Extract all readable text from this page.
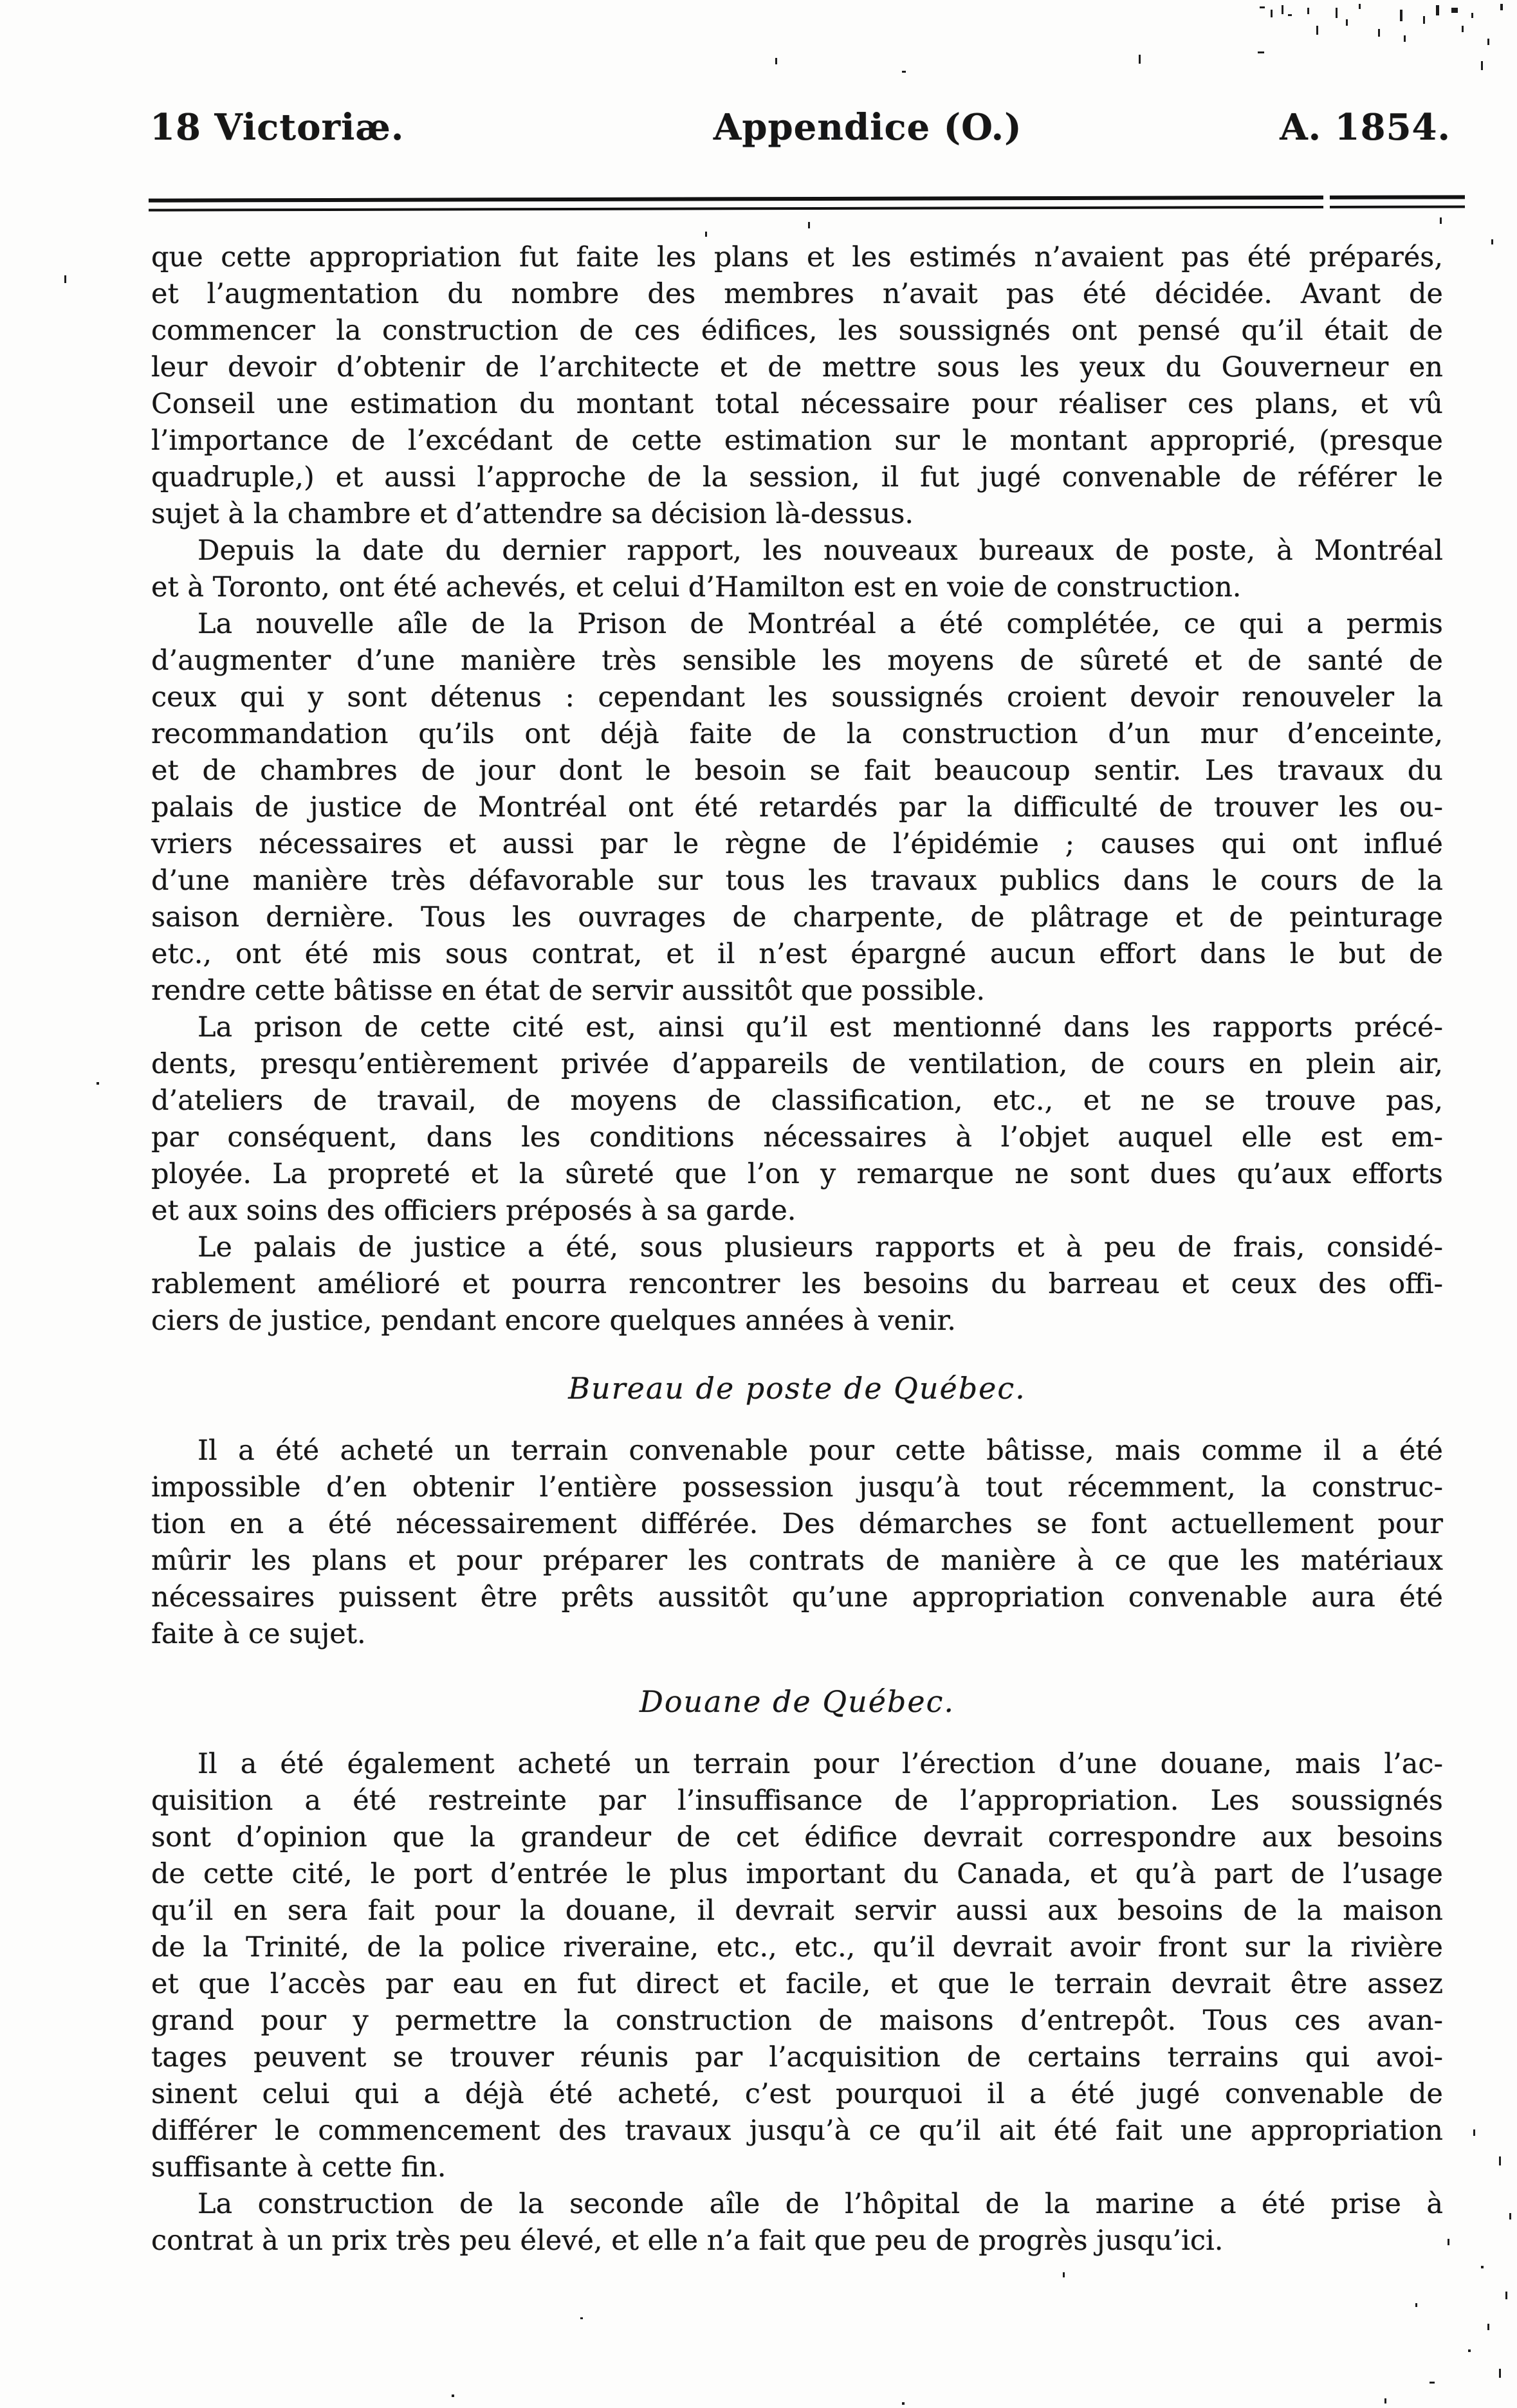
18 Victoriæ.	Appendice (O.)	A. 1854.
que cette appropriation fut faite les plans et les estimés n’avaient pas été préparés,
et l’augmentation du nombre des membres n’avait pas été décidée. Avant de
commencer la construction de ces édifices, les soussignés ont pensé qu’il était de
leur devoir d’obtenir de l’architecte et de mettre sous les yeux du Gouverneur en
Conseil une estimation du montant total nécessaire pour réaliser ces plans, et vû
l’importance de l’excédant de cette estimation sur le montant approprié, (presque
quadruple,) et aussi l’approche de la session, il fut jugé convenable de référer le
sujet à la chambre et d’attendre sa décision là-dessus.
Depuis la date du dernier rapport, les nouveaux bureaux de poste, à Montréal
et à Toronto, ont été achevés, et celui d’Hamilton est en voie de construction.
La nouvelle aîle de la Prison de Montréal a été complétée, ce qui a permis
d’augmenter d’une manière très sensible les moyens de sûreté et de santé de
ceux qui y sont détenus : cependant les soussignés croient devoir renouveler la
recommandation qu’ils ont déjà faite de la construction d’un mur d’enceinte,
et de chambres de jour dont le besoin se fait beaucoup sentir. Les travaux du
palais de justice de Montréal ont été retardés par la difficulté de trouver les ou-
vriers nécessaires et aussi par le règne de l’épidémie ; causes qui ont influé
d’une manière très défavorable sur tous les travaux publics dans le cours de la
saison dernière. Tous les ouvrages de charpente, de plâtrage et de peinturage
etc., ont été mis sous contrat, et il n’est épargné aucun effort dans le but de
rendre cette bâtisse en état de servir aussitôt que possible.
La prison de cette cité est, ainsi qu’il est mentionné dans les rapports précé-
dents, presqu’entièrement privée d’appareils de ventilation, de cours en plein air,
d’ateliers de travail, de moyens de classification, etc., et ne se trouve pas,
par conséquent, dans les conditions nécessaires à l’objet auquel elle est em-
ployée. La propreté et la sûreté que l’on y remarque ne sont dues qu’aux efforts
et aux soins des officiers préposés à sa garde.
Le palais de justice a été, sous plusieurs rapports et à peu de frais, considé-
rablement amélioré et pourra rencontrer les besoins du barreau et ceux des offi-
ciers de justice, pendant encore quelques années à venir.
Bureau de poste de Québec.
Il a été acheté un terrain convenable pour cette bâtisse, mais comme il a été
impossible d’en obtenir l’entière possession jusqu’à tout récemment, la construc-
tion en a été nécessairement différée. Des démarches se font actuellement pour
mûrir les plans et pour préparer les contrats de manière à ce que les matériaux
nécessaires puissent être prêts aussitôt qu’une appropriation convenable aura été
faite à ce sujet.
Douane de Québec.
Il a été également acheté un terrain pour l’érection d’une douane, mais l’ac-
quisition a été restreinte par l’insuffisance de l’appropriation. Les soussignés
sont d’opinion que la grandeur de cet édifice devrait correspondre aux besoins
de cette cité, le port d’entrée le plus important du Canada, et qu’à part de l’usage
qu’il en sera fait pour la douane, il devrait servir aussi aux besoins de la maison
de la Trinité, de la police riveraine, etc., etc., qu’il devrait avoir front sur la rivière
et que l’accès par eau en fut direct et facile, et que le terrain devrait être assez
grand pour y permettre la construction de maisons d’entrepôt. Tous ces avan-
tages peuvent se trouver réunis par l’acquisition de certains terrains qui avoi-
sinent celui qui a déjà été acheté, c’est pourquoi il a été jugé convenable de
différer le commencement des travaux jusqu’à ce qu’il ait été fait une appropriation
suffisante à cette fin.
La construction de la seconde aîle de l’hôpital de la marine a été prise à
contrat à un prix très peu élevé, et elle n’a fait que peu de progrès jusqu’ici.
